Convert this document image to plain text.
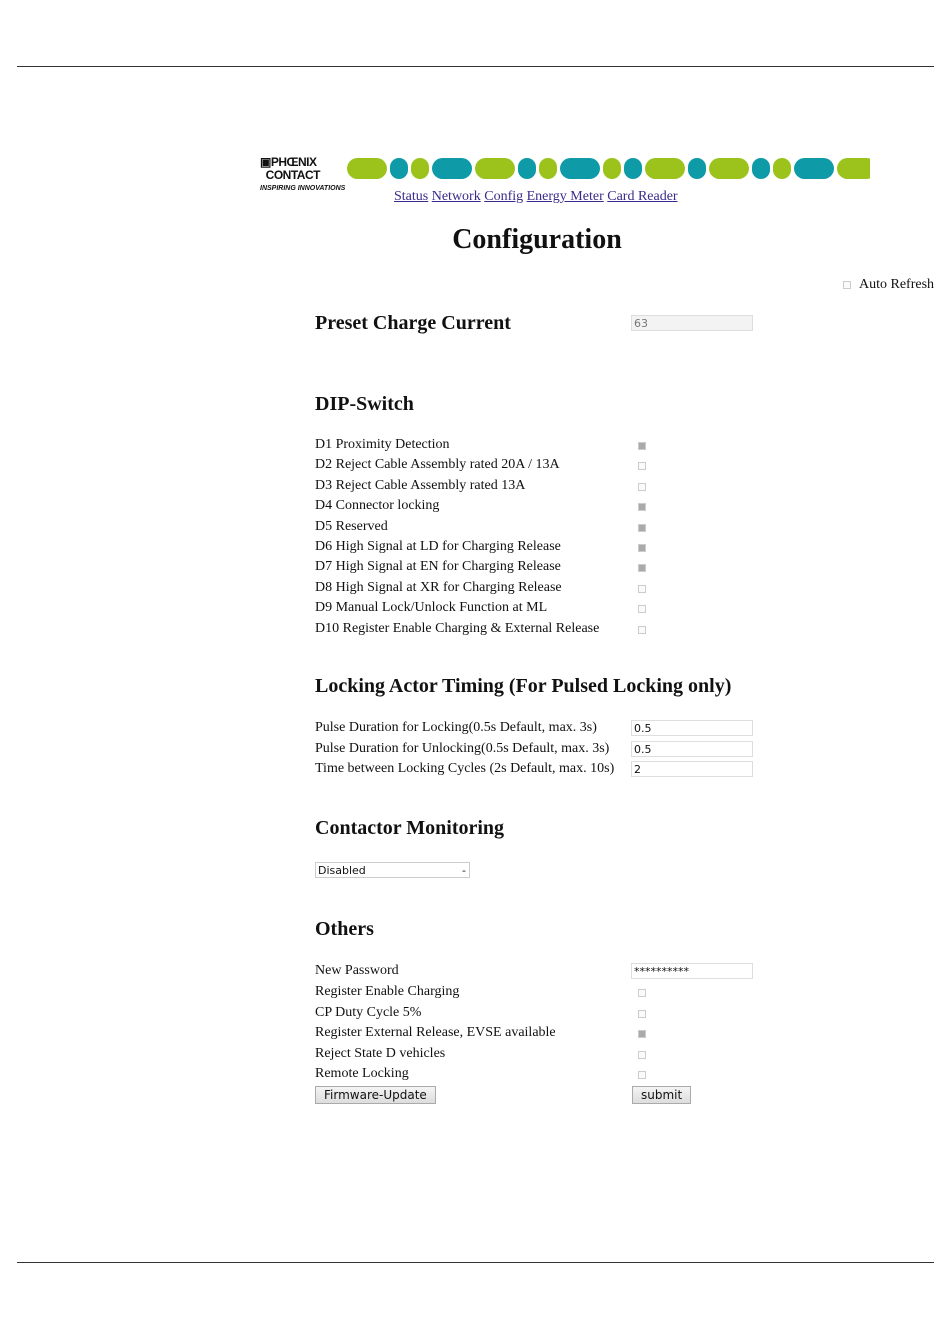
▣PHŒNIX
CONTACT
INSPIRING INNOVATIONS
Status Network Config Energy Meter Card Reader
Configuration
Auto Refresh
Preset Charge Current	63
DIP-Switch
D1 Proximity Detection
D2 Reject Cable Assembly rated 20A / 13A
D3 Reject Cable Assembly rated 13A
D4 Connector locking
D5 Reserved
D6 High Signal at LD for Charging Release
D7 High Signal at EN for Charging Release
D8 High Signal at XR for Charging Release
D9 Manual Lock/Unlock Function at ML
D10 Register Enable Charging & External Release
Locking Actor Timing (For Pulsed Locking only)
Pulse Duration for Locking(0.5s Default, max. 3s)	0.5
Pulse Duration for Unlocking(0.5s Default, max. 3s) 0.5
Time between Locking Cycles (2s Default, max. 10s) 2
Contactor Monitoring
Disabled	-
Others
New Password	**********
Register Enable Charging
CP Duty Cycle 5%
Register External Release, EVSE available
Reject State D vehicles
Remote Locking
Firmware-Update	submit
